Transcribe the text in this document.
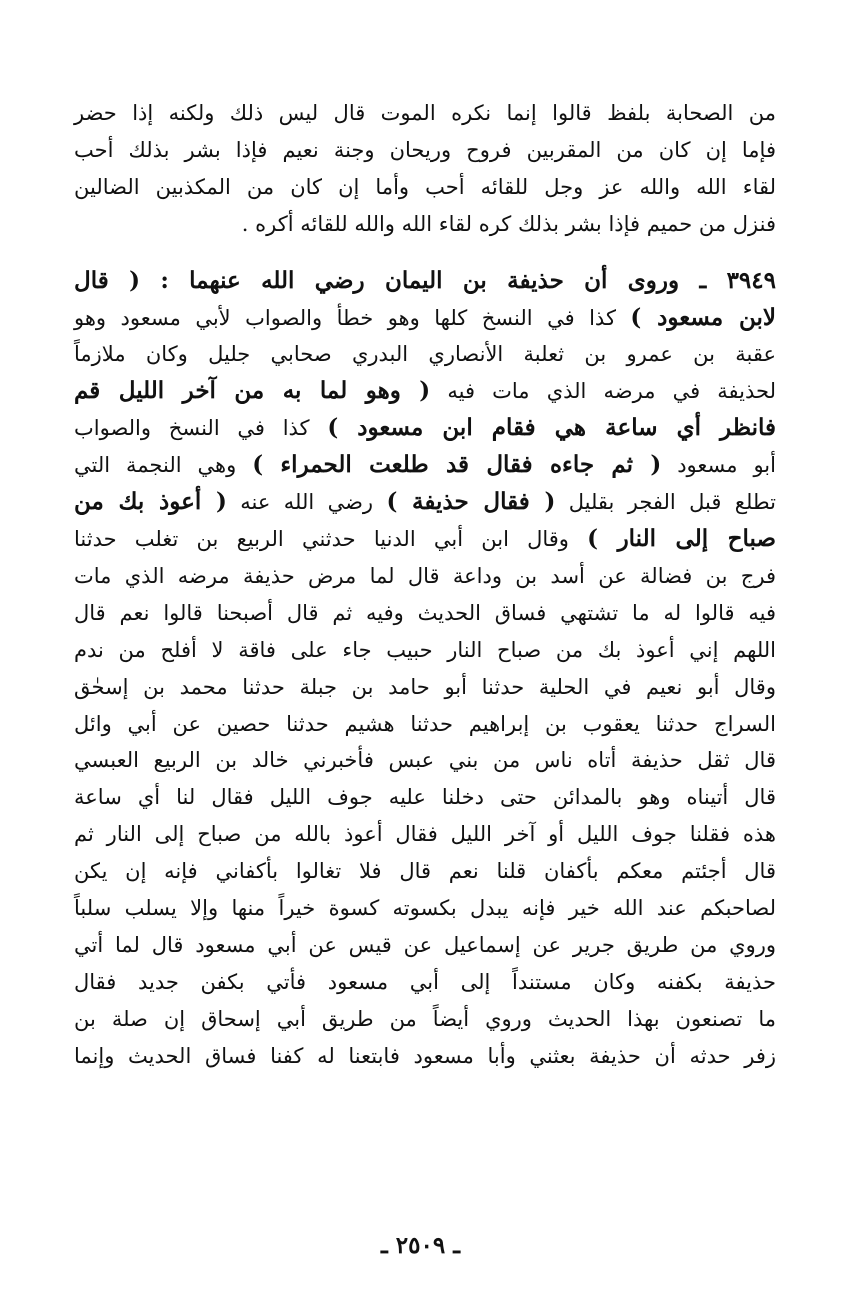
من الصحابة بلفظ قالوا إنما نكره الموت قال ليس ذلك ولكنه إذا حضر
فإما إن كان من المقربين فروح وريحان وجنة نعيم فإذا بشر بذلك أحب
لقاء الله والله عز وجل للقائه أحب وأما إن كان من المكذبين الضالين
فنزل من حميم فإذا بشر بذلك كره لقاء الله والله للقائه أكره .
٣٩٤٩ ـ وروى أن حذيفة بن اليمان رضي الله عنهما : ( قال
لابن مسعود ) كذا في النسخ كلها وهو خطأ والصواب لأبي مسعود وهو
عقبة بن عمرو بن ثعلبة الأنصاري البدري صحابي جليل وكان ملازماً
لحذيفة في مرضه الذي مات فيه ( وهو لما به من آخر الليل قم
فانظر أي ساعة هي فقام ابن مسعود ) كذا في النسخ والصواب
أبو مسعود ( ثم جاءه فقال قد طلعت الحمراء ) وهي النجمة التي
تطلع قبل الفجر بقليل ( فقال حذيفة ) رضي الله عنه ( أعوذ بك من
صباح إلى النار ) وقال ابن أبي الدنيا حدثني الربيع بن تغلب حدثنا
فرج بن فضالة عن أسد بن وداعة قال لما مرض حذيفة مرضه الذي مات
فيه قالوا له ما تشتهي فساق الحديث وفيه ثم قال أصبحنا قالوا نعم قال
اللهم إني أعوذ بك من صباح النار حبيب جاء على فاقة لا أفلح من ندم
وقال أبو نعيم في الحلية حدثنا أبو حامد بن جبلة حدثنا محمد بن إسحٰق
السراج حدثنا يعقوب بن إبراهيم حدثنا هشيم حدثنا حصين عن أبي وائل
قال ثقل حذيفة أتاه ناس من بني عبس فأخبرني خالد بن الربيع العبسي
قال أتيناه وهو بالمدائن حتى دخلنا عليه جوف الليل فقال لنا أي ساعة
هذه فقلنا جوف الليل أو آخر الليل فقال أعوذ بالله من صباح إلى النار ثم
قال أجئتم معكم بأكفان قلنا نعم قال فلا تغالوا بأكفاني فإنه إن يكن
لصاحبكم عند الله خير فإنه يبدل بكسوته كسوة خيراً منها وإلا يسلب سلباً
وروي من طريق جرير عن إسماعيل عن قيس عن أبي مسعود قال لما أتي
حذيفة بكفنه وكان مستنداً إلى أبي مسعود فأتي بكفن جديد فقال
ما تصنعون بهذا الحديث وروي أيضاً من طريق أبي إسحاق إن صلة بن
زفر حدثه أن حذيفة بعثني وأبا مسعود فابتعنا له كفنا فساق الحديث وإنما
ـ ٢٥٠٩ ـ
